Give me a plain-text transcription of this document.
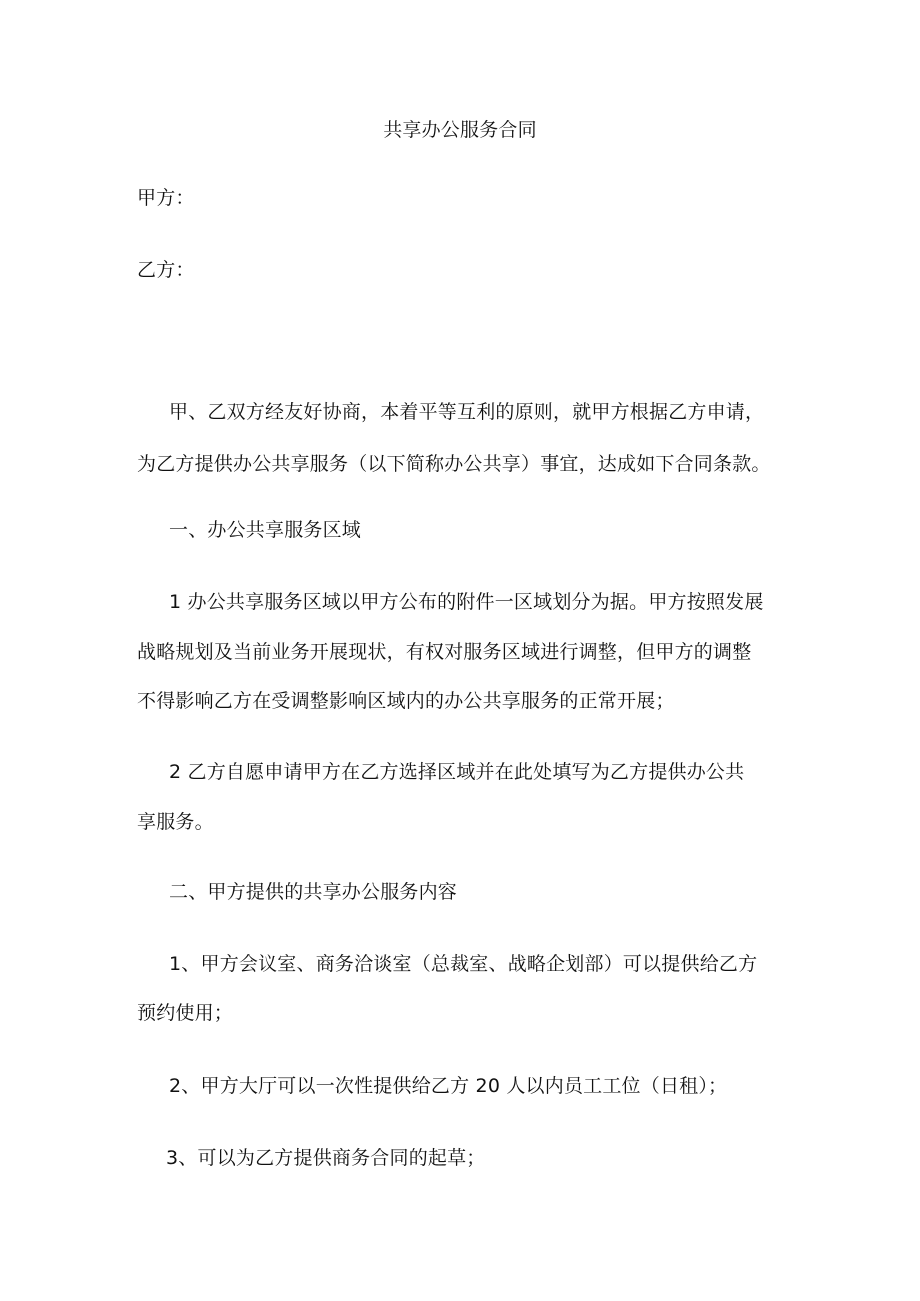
共享办公服务合同
甲方：
乙方：
甲、乙双方经友好协商，本着平等互利的原则，就甲方根据乙方申请，
为乙方提供办公共享服务（以下简称办公共享）事宜，达成如下合同条款。
一、办公共享服务区域
1 办公共享服务区域以甲方公布的附件一区域划分为据。甲方按照发展
战略规划及当前业务开展现状，有权对服务区域进行调整，但甲方的调整
不得影响乙方在受调整影响区域内的办公共享服务的正常开展；
2 乙方自愿申请甲方在乙方选择区域并在此处填写为乙方提供办公共
享服务。
二、甲方提供的共享办公服务内容
1、甲方会议室、商务洽谈室（总裁室、战略企划部）可以提供给乙方
预约使用；
2、甲方大厅可以一次性提供给乙方 20 人以内员工工位（日租）；
3、可以为乙方提供商务合同的起草；
